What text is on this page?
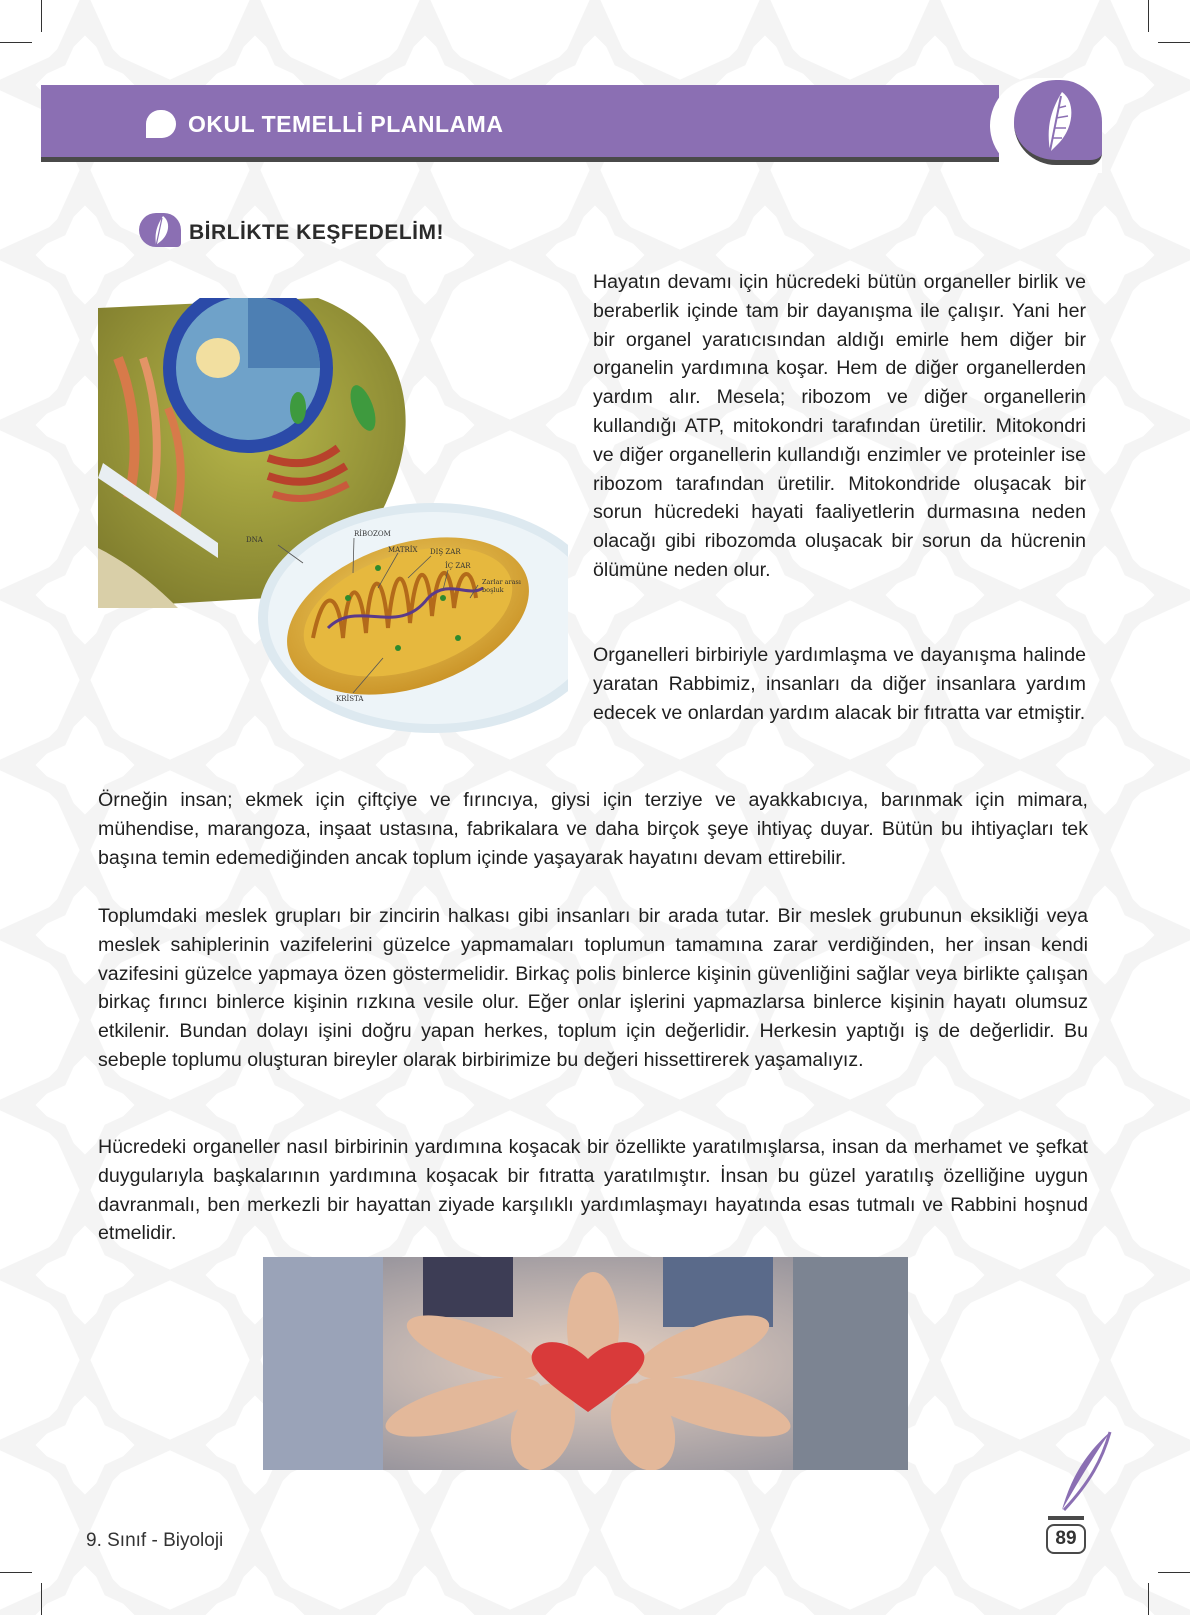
OKUL TEMELLİ PLANLAMA
BİRLİKTE KEŞFEDELİM!
DNA
RİBOZOM
MATRİX DIŞ ZAR
İÇ ZAR
Zarlar arası
boşluk
KRİSTA

Hayatın devamı için hücredeki bütün organeller birlik ve beraberlik içinde tam bir dayanışma ile çalışır. Yani her bir organel yaratıcısından aldığı emirle hem diğer bir organelin yardımına koşar. Hem de diğer organellerden yardım alır. Mesela; ribozom ve diğer organellerin kullandığı ATP, mitokondri tarafından üretilir. Mitokondri ve diğer organellerin kullandığı enzimler ve proteinler ise ribozom tarafından üretilir. Mitokondride oluşacak bir sorun hücredeki hayati faaliyetlerin durmasına neden olacağı gibi ribozomda oluşacak bir sorun da hücrenin ölümüne neden olur.

Organelleri birbiriyle yardımlaşma ve dayanışma halinde yaratan Rabbimiz, insanları da diğer insanlara yardım edecek ve onlardan yardım alacak bir fıtratta var etmiştir.

Örneğin insan; ekmek için çiftçiye ve fırıncıya, giysi için terziye ve ayakkabıcıya, barınmak için mimara, mühendise, marangoza, inşaat ustasına, fabrikalara ve daha birçok şeye ihtiyaç duyar. Bütün bu ihtiyaçları tek başına temin edemediğinden ancak toplum içinde yaşayarak hayatını devam ettirebilir.

Toplumdaki meslek grupları bir zincirin halkası gibi insanları bir arada tutar. Bir meslek grubunun eksikliği veya meslek sahiplerinin vazifelerini güzelce yapmamaları toplumun tamamına zarar verdiğinden, her insan kendi vazifesini güzelce yapmaya özen göstermelidir. Birkaç polis binlerce kişinin güvenliğini sağlar veya birlikte çalışan birkaç fırıncı binlerce kişinin rızkına vesile olur. Eğer onlar işlerini yapmazlarsa binlerce kişinin hayatı olumsuz etkilenir. Bundan dolayı işini doğru yapan herkes, toplum için değerlidir. Herkesin yaptığı iş de değerlidir. Bu sebeple toplumu oluşturan bireyler olarak birbirimize bu değeri hissettirerek yaşamalıyız.

Hücredeki organeller nasıl birbirinin yardımına koşacak bir özellikte yaratılmışlarsa, insan da merhamet ve şefkat duygularıyla başkalarının yardımına koşacak bir fıtratta yaratılmıştır. İnsan bu güzel yaratılış özelliğine uygun davranmalı, ben merkezli bir hayattan ziyade karşılıklı yardımlaşmayı hayatında esas tutmalı ve Rabbini hoşnud etmelidir.

9. Sınıf - Biyoloji	89
